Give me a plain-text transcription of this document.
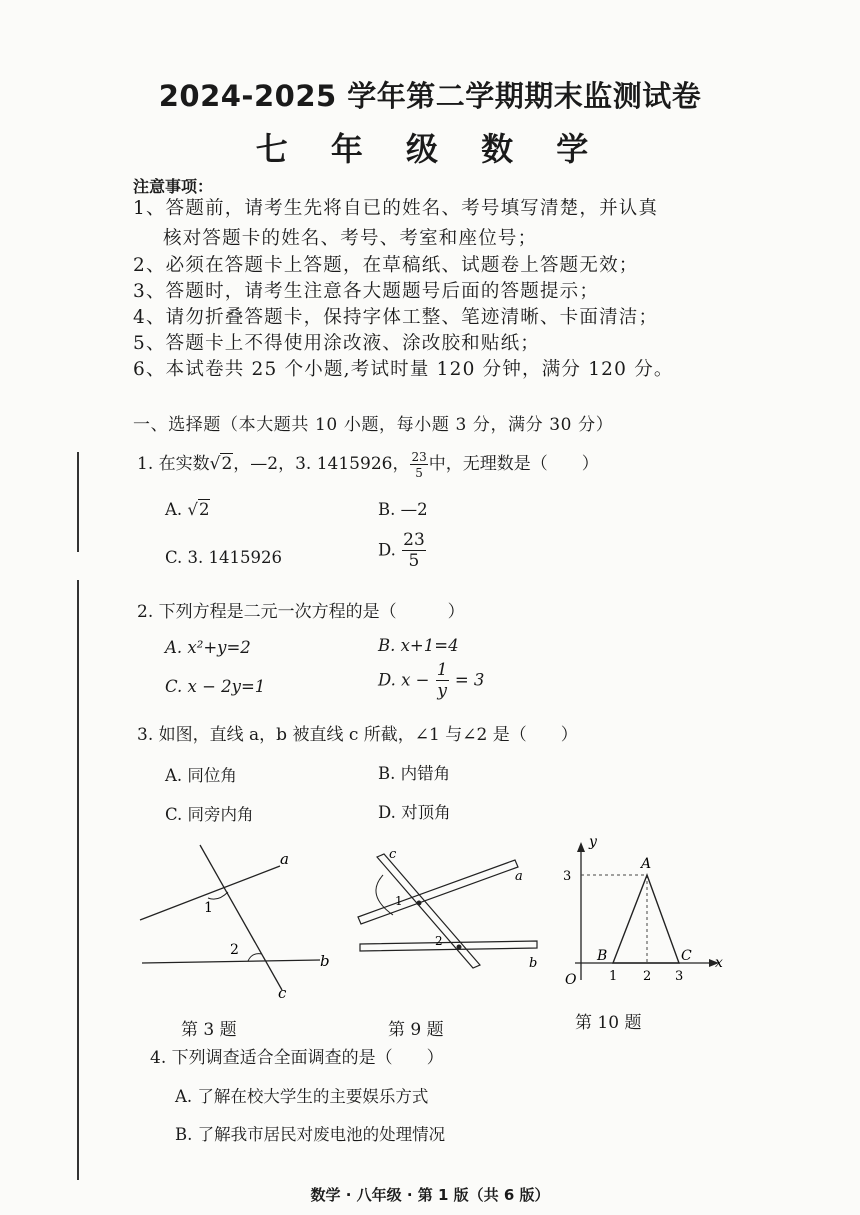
2024-2025 学年第二学期期末监测试卷
七 年 级 数 学
注意事项：
1、答题前，请考生先将自已的姓名、考号填写清楚，并认真
核对答题卡的姓名、考号、考室和座位号；
2、必须在答题卡上答题，在草稿纸、试题卷上答题无效；
3、答题时，请考生注意各大题题号后面的答题提示；
4、请勿折叠答题卡，保持字体工整、笔迹清晰、卡面清洁；
5、答题卡上不得使用涂改液、涂改胶和贴纸；
6、本试卷共 25 个小题,考试时量 120 分钟，满分 120 分。
一、选择题（本大题共 10 小题，每小题 3 分，满分 30 分）
1. 在实数√2，—2，3. 1415926， $\frac{23}{5}$ 中，无理数是（　　）
A. √2	B. —2
C. 3. 1415926	D. $\frac{23}{5}$
2. 下列方程是二元一次方程的是（　　　）
A. x²+y=2	B. x+1=4
C. x − 2y=1	D. $x - \frac{1}{y} = 3$
3. 如图，直线 a，b 被直线 c 所截，∠1 与∠2 是（　　）
A. 同位角	B. 内错角
C. 同旁内角	D. 对顶角
a
b
c
1
2
第 3 题
c
a
b
1
2
第 9 题
y
x
O
A
B	C
3
1 2 3
第 10 题
4. 下列调查适合全面调查的是（　　）
A. 了解在校大学生的主要娱乐方式
B. 了解我市居民对废电池的处理情况
数学 · 八年级 · 第 1 版（共 6 版）
